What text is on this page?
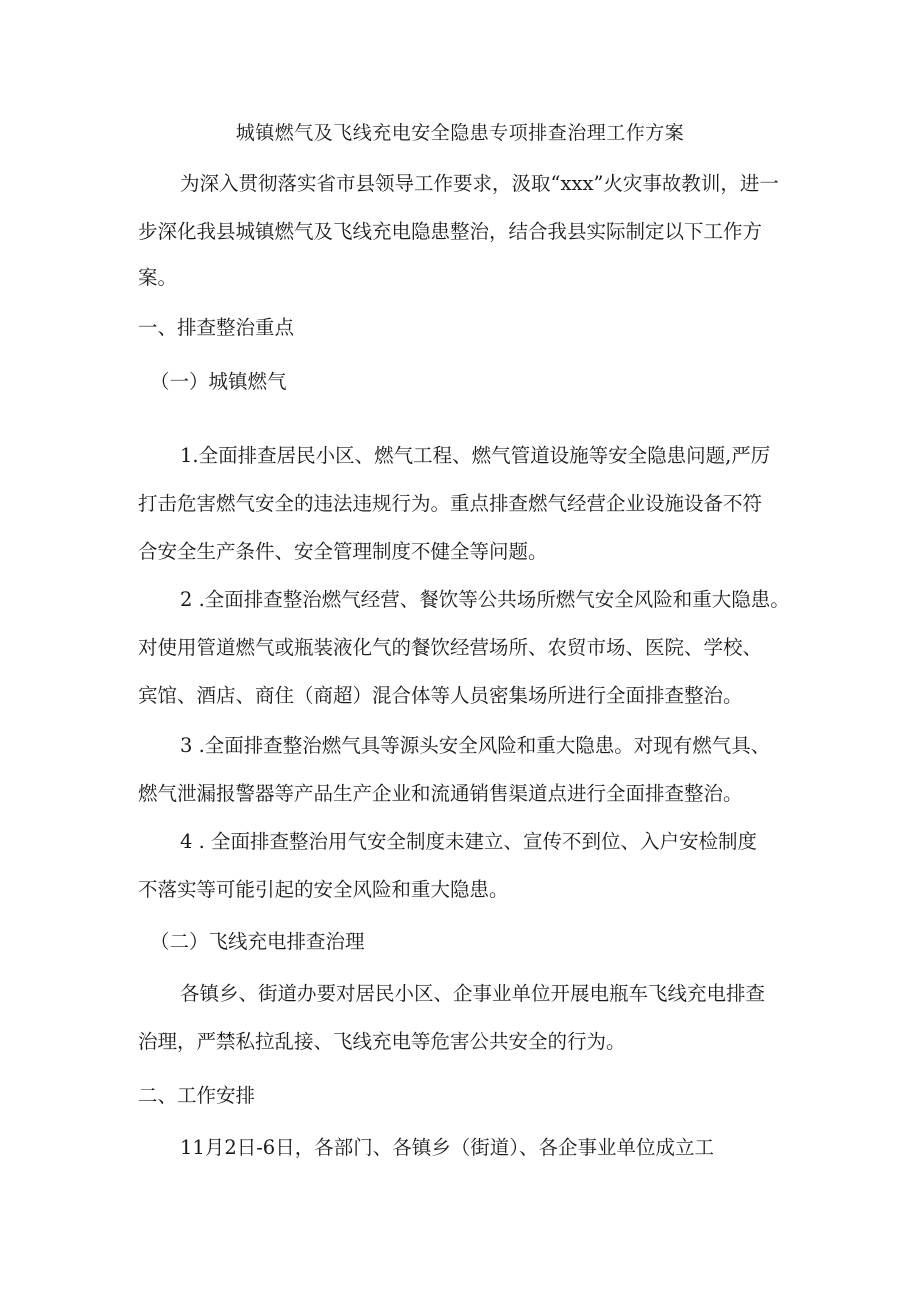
城镇燃气及飞线充电安全隐患专项排查治理工作方案
为深入贯彻落实省市县领导工作要求，汲取“xxx”火灾事故教训，进一
步深化我县城镇燃气及飞线充电隐患整治，结合我县实际制定以下工作方
案。
一、排查整治重点
（一）城镇燃气
1.全面排查居民小区、燃气工程、燃气管道设施等安全隐患问题,严厉
打击危害燃气安全的违法违规行为。重点排查燃气经营企业设施设备不符
合安全生产条件、安全管理制度不健全等问题。
2 .全面排查整治燃气经营、餐饮等公共场所燃气安全风险和重大隐患。
对使用管道燃气或瓶装液化气的餐饮经营场所、农贸市场、医院、学校、
宾馆、酒店、商住（商超）混合体等人员密集场所进行全面排查整治。
3 .全面排查整治燃气具等源头安全风险和重大隐患。对现有燃气具、
燃气泄漏报警器等产品生产企业和流通销售渠道点进行全面排查整治。
4 . 全面排查整治用气安全制度未建立、宣传不到位、入户安检制度
不落实等可能引起的安全风险和重大隐患。
（二）飞线充电排查治理
各镇乡、街道办要对居民小区、企事业单位开展电瓶车飞线充电排查
治理，严禁私拉乱接、飞线充电等危害公共安全的行为。
二、工作安排
11月2日-6日，各部门、各镇乡（街道）、各企事业单位成立工
